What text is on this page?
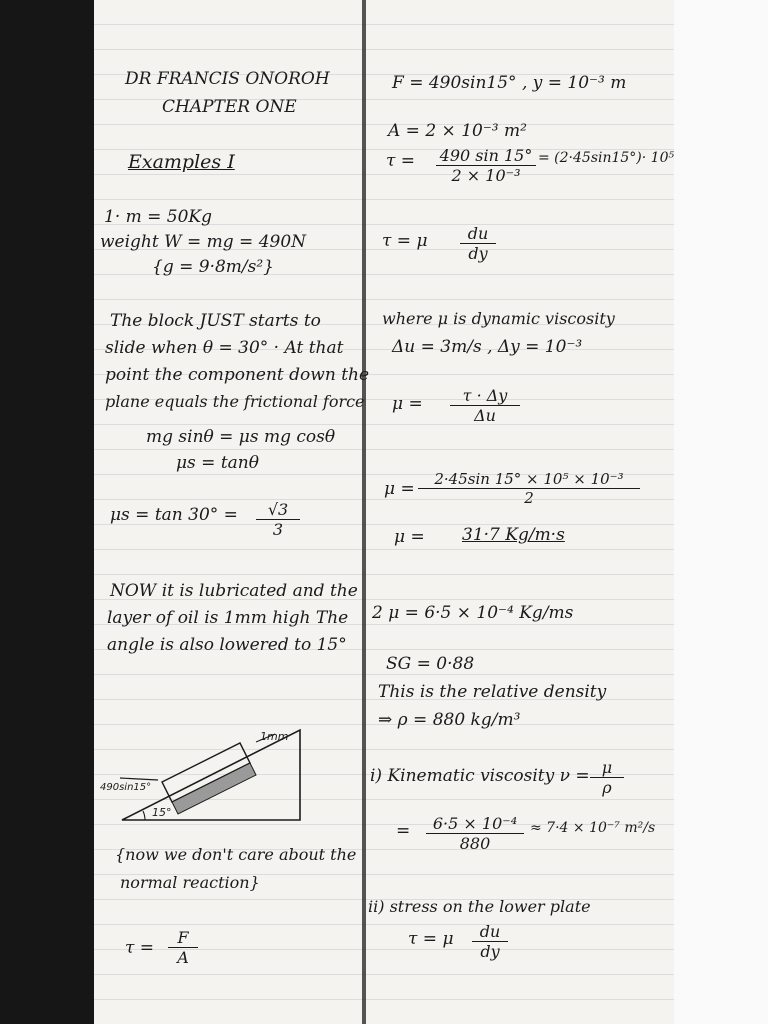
DR FRANCIS ONOROH
CHAPTER ONE
Examples I
1· m = 50Kg
weight W = mg = 490N
{g = 9·8m/s²}
The block JUST starts to
slide when θ = 30° · At that
point the component down the
plane equals the frictional force
mg sinθ = μs mg cosθ
μs = tanθ
$\mu s = \tan 30^\circ = \frac{√3}{3}$
NOW it is lubricated and the
layer of oil is 1mm high The
angle is also lowered to 15°
1mm
490sin15°
15°
{now we don't care about the
normal reaction}
$\tau = \frac{F}{A}$
F = 490sin15° , y = 10⁻³ m
A = 2 × 10⁻³ m²
$\tau = \frac{490 \sin 15^\circ}{\text{2 × 10⁻³}} = (2\cdot 45\sin 15^\circ)\cdot 10^5$
τ = μ $\frac{du}{dy}$
where μ is dynamic viscosity
Δu = 3m/s , Δy = 10⁻³
$\mu = \frac{\tau \cdot \Delta y}{\Delta u}$
$\mu = \frac{\text{2·45sin 15° × 10⁵ × 10⁻³}}{2}$
μ = 31·7 Kg/m·s
2 μ = 6·5 × 10⁻⁴ Kg/ms
SG = 0·88
This is the relative density
⇒ ρ = 880 kg/m³
i) Kinematic viscosity $\nu = \frac{\mu}{\rho}$
= $\frac{\text{6·5 × 10⁻⁴}}{880} \approx 7\cdot 4 \times 10^{-7}$ m²/s
ii) stress on the lower plate
τ = μ $\frac{du}{dy}$
